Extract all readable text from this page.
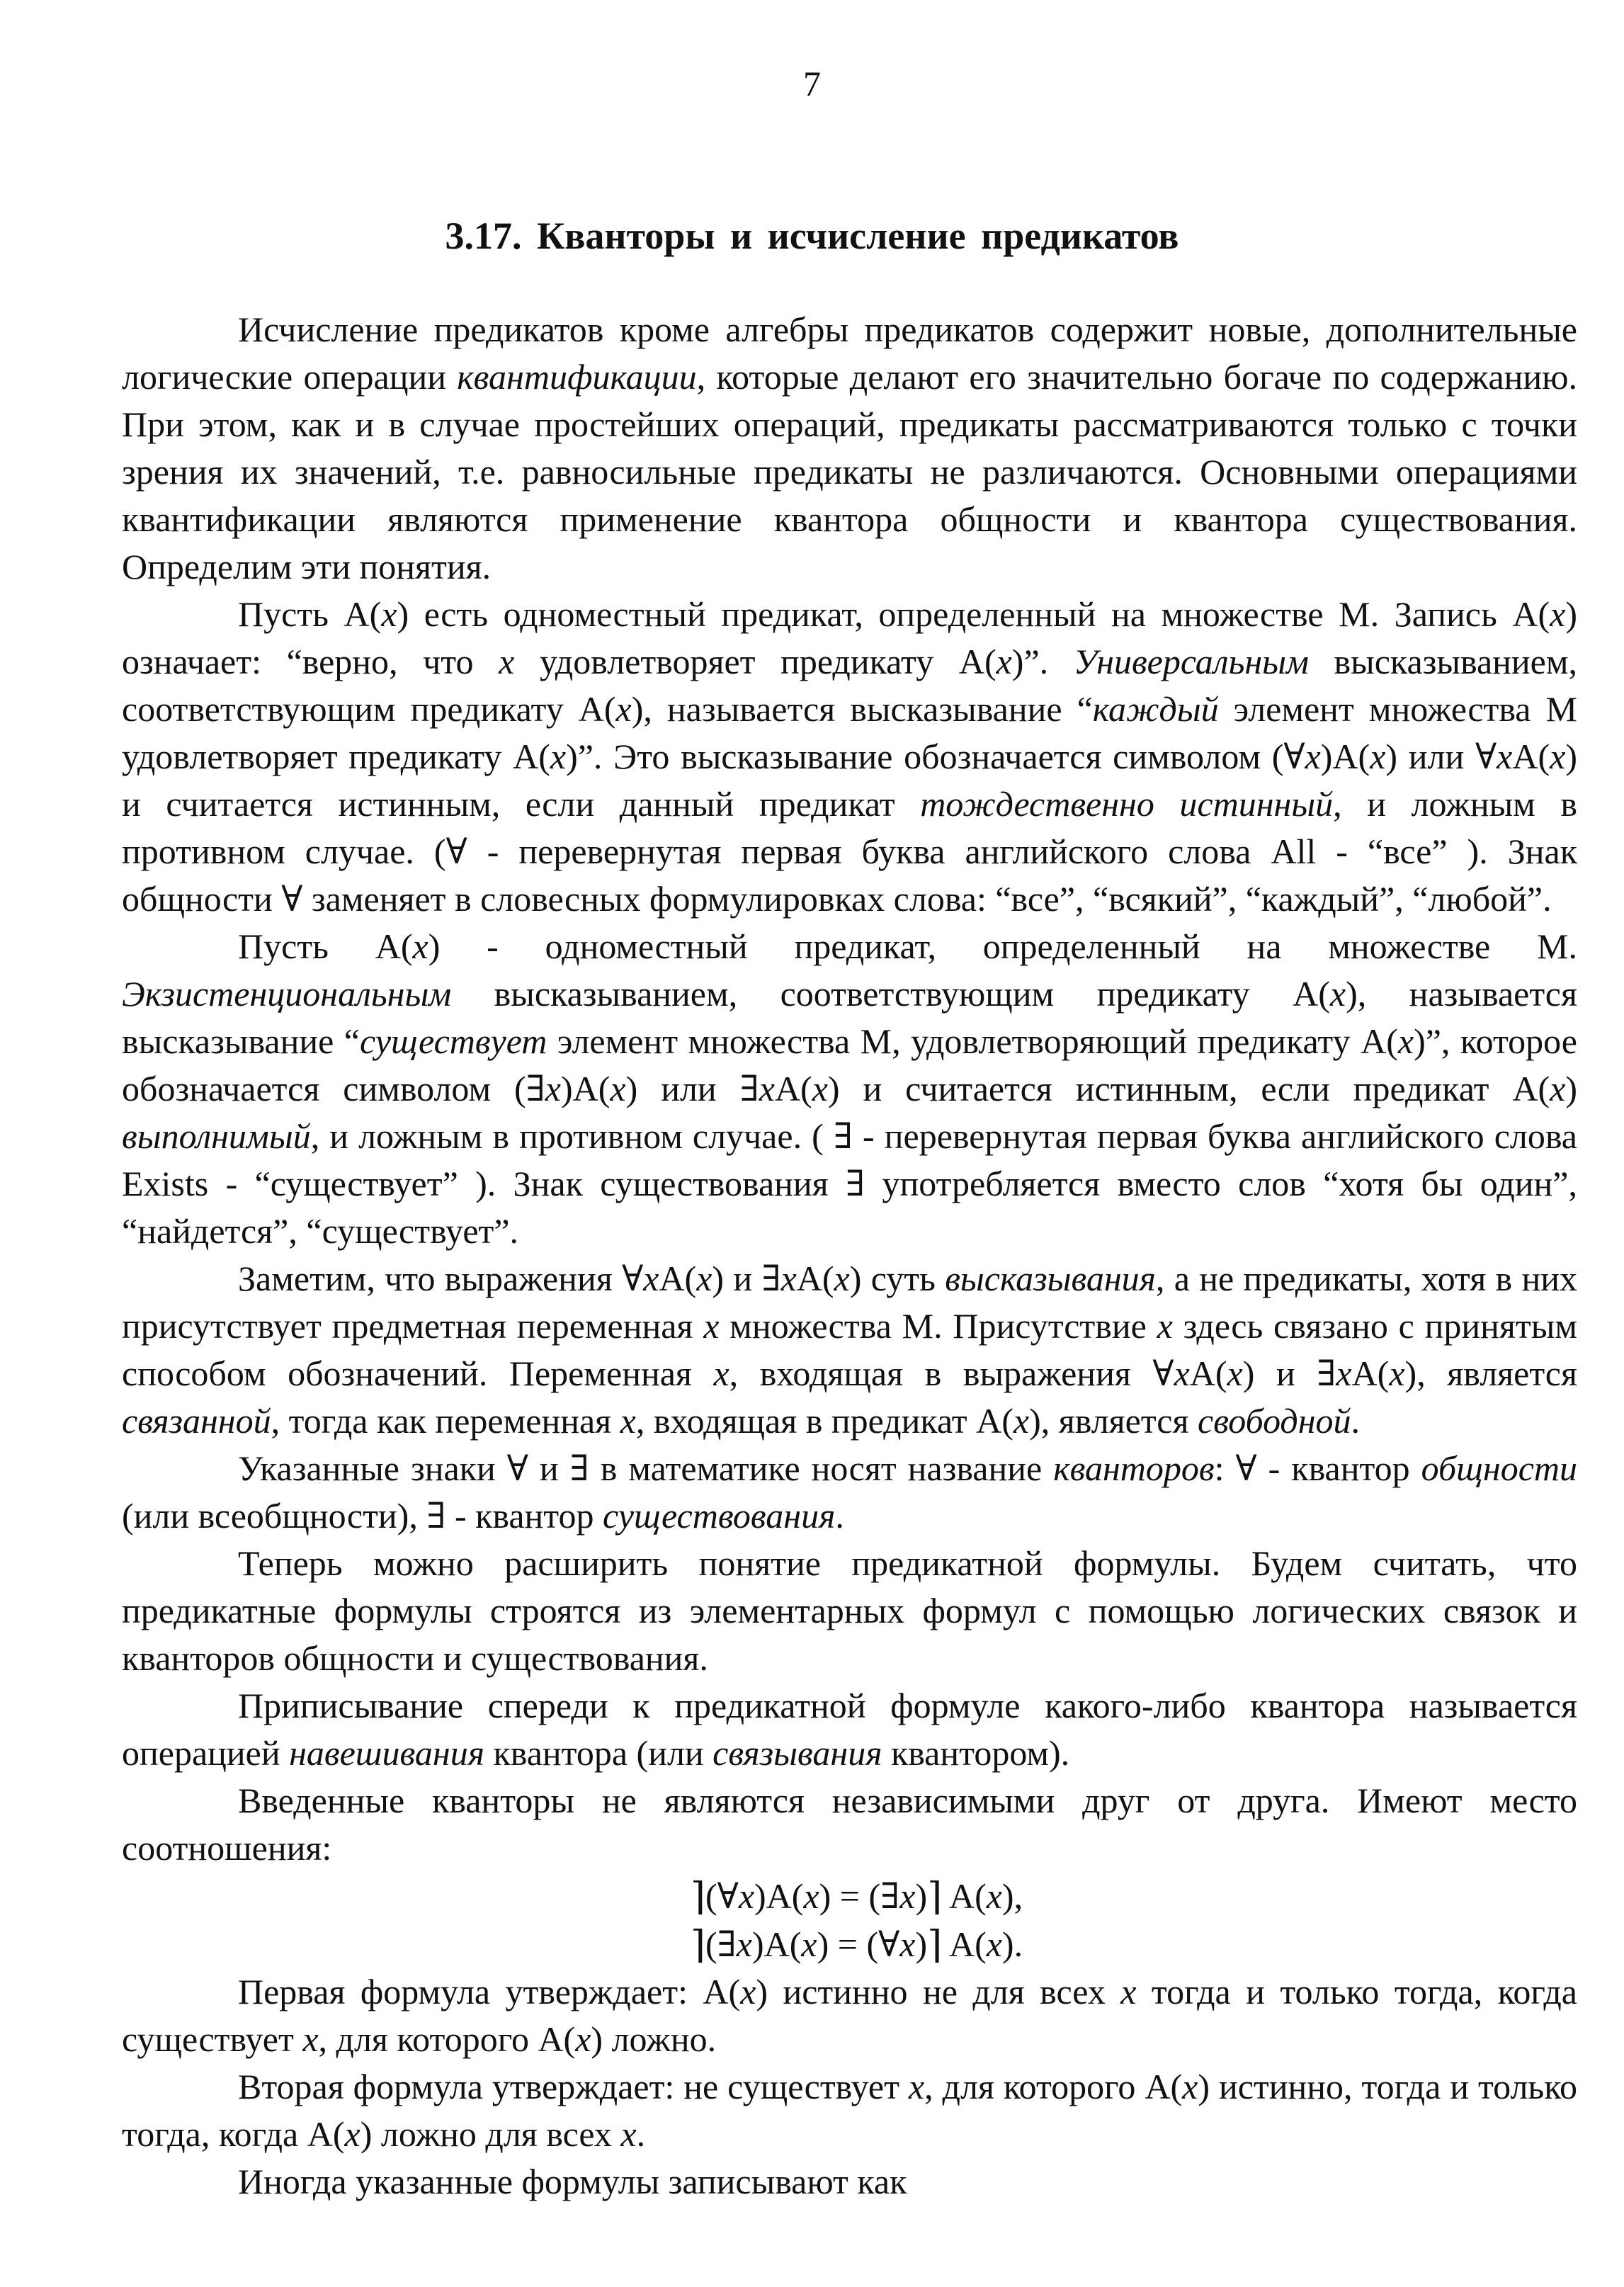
7
3.17. Кванторы и исчисление предикатов

Исчисление предикатов кроме алгебры предикатов содержит новые, дополнительные логические операции квантификации, которые делают его значительно богаче по содержанию. При этом, как и в случае простейших операций, предикаты рассматриваются только с точки зрения их значений, т.е. равносильные предикаты не различаются. Основными операциями квантификации являются применение квантора общности и квантора существования. Определим эти понятия.

Пусть A(x) есть одноместный предикат, определенный на множестве M. Запись A(x) означает: “верно, что x удовлетворяет предикату A(x)”. Универсальным высказыванием, соответствующим предикату A(x), называется высказывание “каждый элемент множества M удовлетворяет предикату A(x)”. Это высказывание обозначается символом (∀x)A(x) или ∀xA(x) и считается истинным, если данный предикат тождественно истинный, и ложным в противном случае. (∀ - перевернутая первая буква английского слова All - “все” ). Знак общности ∀ заменяет в словесных формулировках слова: “все”, “всякий”, “каждый”, “любой”.

Пусть A(x) - одноместный предикат, определенный на множестве M. Экзистенциональным высказыванием, соответствующим предикату A(x), называется высказывание “существует элемент множества M, удовлетворяющий предикату A(x)”, которое обозначается символом (∃x)A(x) или ∃xA(x) и считается истинным, если предикат A(x) выполнимый, и ложным в противном случае. ( ∃ - перевернутая первая буква английского слова Exists - “существует” ). Знак существования ∃ употребляется вместо слов “хотя бы один”, “найдется”, “существует”.

Заметим, что выражения ∀xA(x) и ∃xA(x) суть высказывания, а не предикаты, хотя в них присутствует предметная переменная x множества M. Присутствие x здесь связано с принятым способом обозначений. Переменная x, входящая в выражения ∀xA(x) и ∃xA(x), является связанной, тогда как переменная x, входящая в предикат A(x), является свободной.

Указанные знаки ∀ и ∃ в математике носят название кванторов: ∀ - квантор общности (или всеобщности), ∃ - квантор существования.

Теперь можно расширить понятие предикатной формулы. Будем считать, что предикатные формулы строятся из элементарных формул с помощью логических связок и кванторов общности и существования.

Приписывание спереди к предикатной формуле какого-либо квантора называется операцией навешивания квантора (или связывания квантором).

Введенные кванторы не являются независимыми друг от друга. Имеют место соотношения:

⌉(∀x)A(x) = (∃x)⌉ A(x),
⌉(∃x)A(x) = (∀x)⌉ A(x).

Первая формула утверждает: A(x) истинно не для всех x тогда и только тогда, когда существует x, для которого A(x) ложно.

Вторая формула утверждает: не существует x, для которого A(x) истинно, тогда и только тогда, когда A(x) ложно для всех x.

Иногда указанные формулы записывают как
